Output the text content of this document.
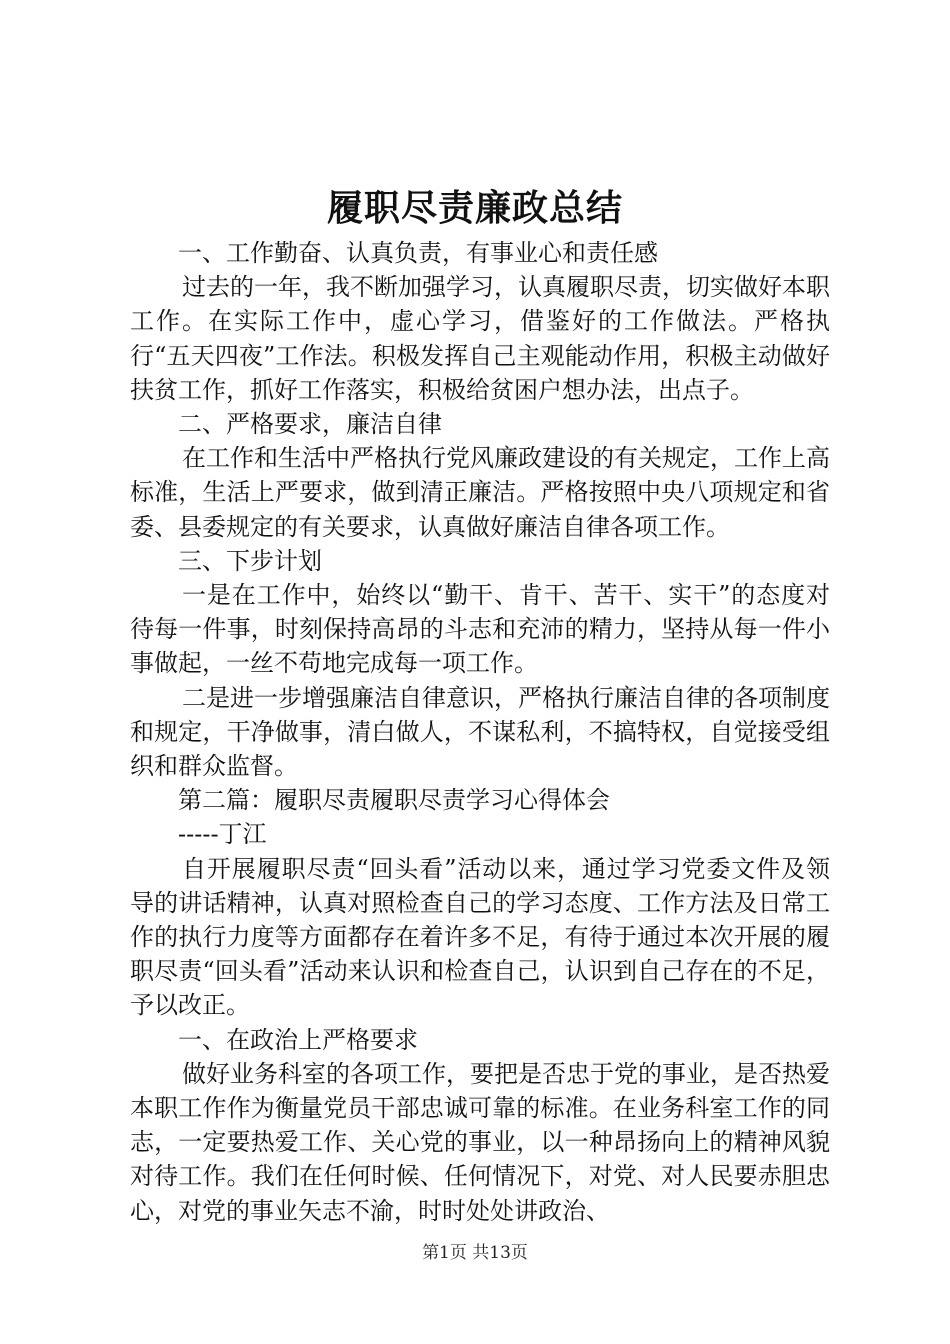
履职尽责廉政总结

一、工作勤奋、认真负责，有事业心和责任感

过去的一年，我不断加强学习，认真履职尽责，切实做好本职工作。在实际工作中，虚心学习，借鉴好的工作做法。严格执行“五天四夜”工作法。积极发挥自己主观能动作用，积极主动做好扶贫工作，抓好工作落实，积极给贫困户想办法，出点子。

二、严格要求，廉洁自律

在工作和生活中严格执行党风廉政建设的有关规定，工作上高标准，生活上严要求，做到清正廉洁。严格按照中央八项规定和省委、县委规定的有关要求，认真做好廉洁自律各项工作。

三、下步计划

一是在工作中，始终以“勤干、肯干、苦干、实干”的态度对待每一件事，时刻保持高昂的斗志和充沛的精力，坚持从每一件小事做起，一丝不苟地完成每一项工作。

二是进一步增强廉洁自律意识，严格执行廉洁自律的各项制度和规定，干净做事，清白做人，不谋私利，不搞特权，自觉接受组织和群众监督。

第二篇：履职尽责履职尽责学习心得体会

-----丁江

自开展履职尽责“回头看”活动以来，通过学习党委文件及领导的讲话精神，认真对照检查自己的学习态度、工作方法及日常工作的执行力度等方面都存在着许多不足，有待于通过本次开展的履职尽责“回头看”活动来认识和检查自己，认识到自己存在的不足，予以改正。

一、在政治上严格要求

做好业务科室的各项工作，要把是否忠于党的事业，是否热爱本职工作作为衡量党员干部忠诚可靠的标准。在业务科室工作的同志，一定要热爱工作、关心党的事业，以一种昂扬向上的精神风貌对待工作。我们在任何时候、任何情况下，对党、对人民要赤胆忠心，对党的事业矢志不渝，时时处处讲政治、

第1页 共13页
